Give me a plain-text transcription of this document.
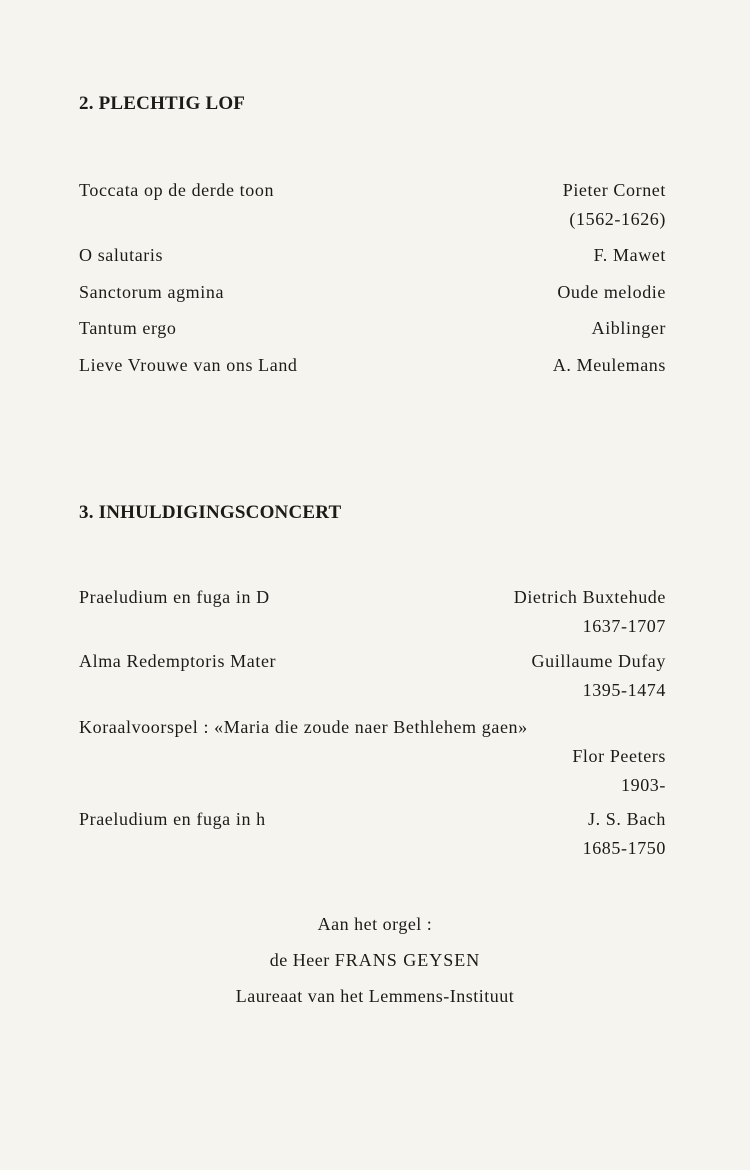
2. PLECHTIG LOF
Toccata op de derde toon	Pieter Cornet
(1562-1626)
O salutaris	F. Mawet
Sanctorum agmina	Oude melodie
Tantum ergo	Aiblinger
Lieve Vrouwe van ons Land	A. Meulemans
3. INHULDIGINGSCONCERT
Praeludium en fuga in D	Dietrich Buxtehude
1637-1707
Alma Redemptoris Mater	Guillaume Dufay
1395-1474
Koraalvoorspel : «Maria die zoude naer Bethlehem gaen»
Flor Peeters
1903-
Praeludium en fuga in h	J. S. Bach
1685-1750
Aan het orgel :
de Heer FRANS GEYSEN
Laureaat van het Lemmens-Instituut
